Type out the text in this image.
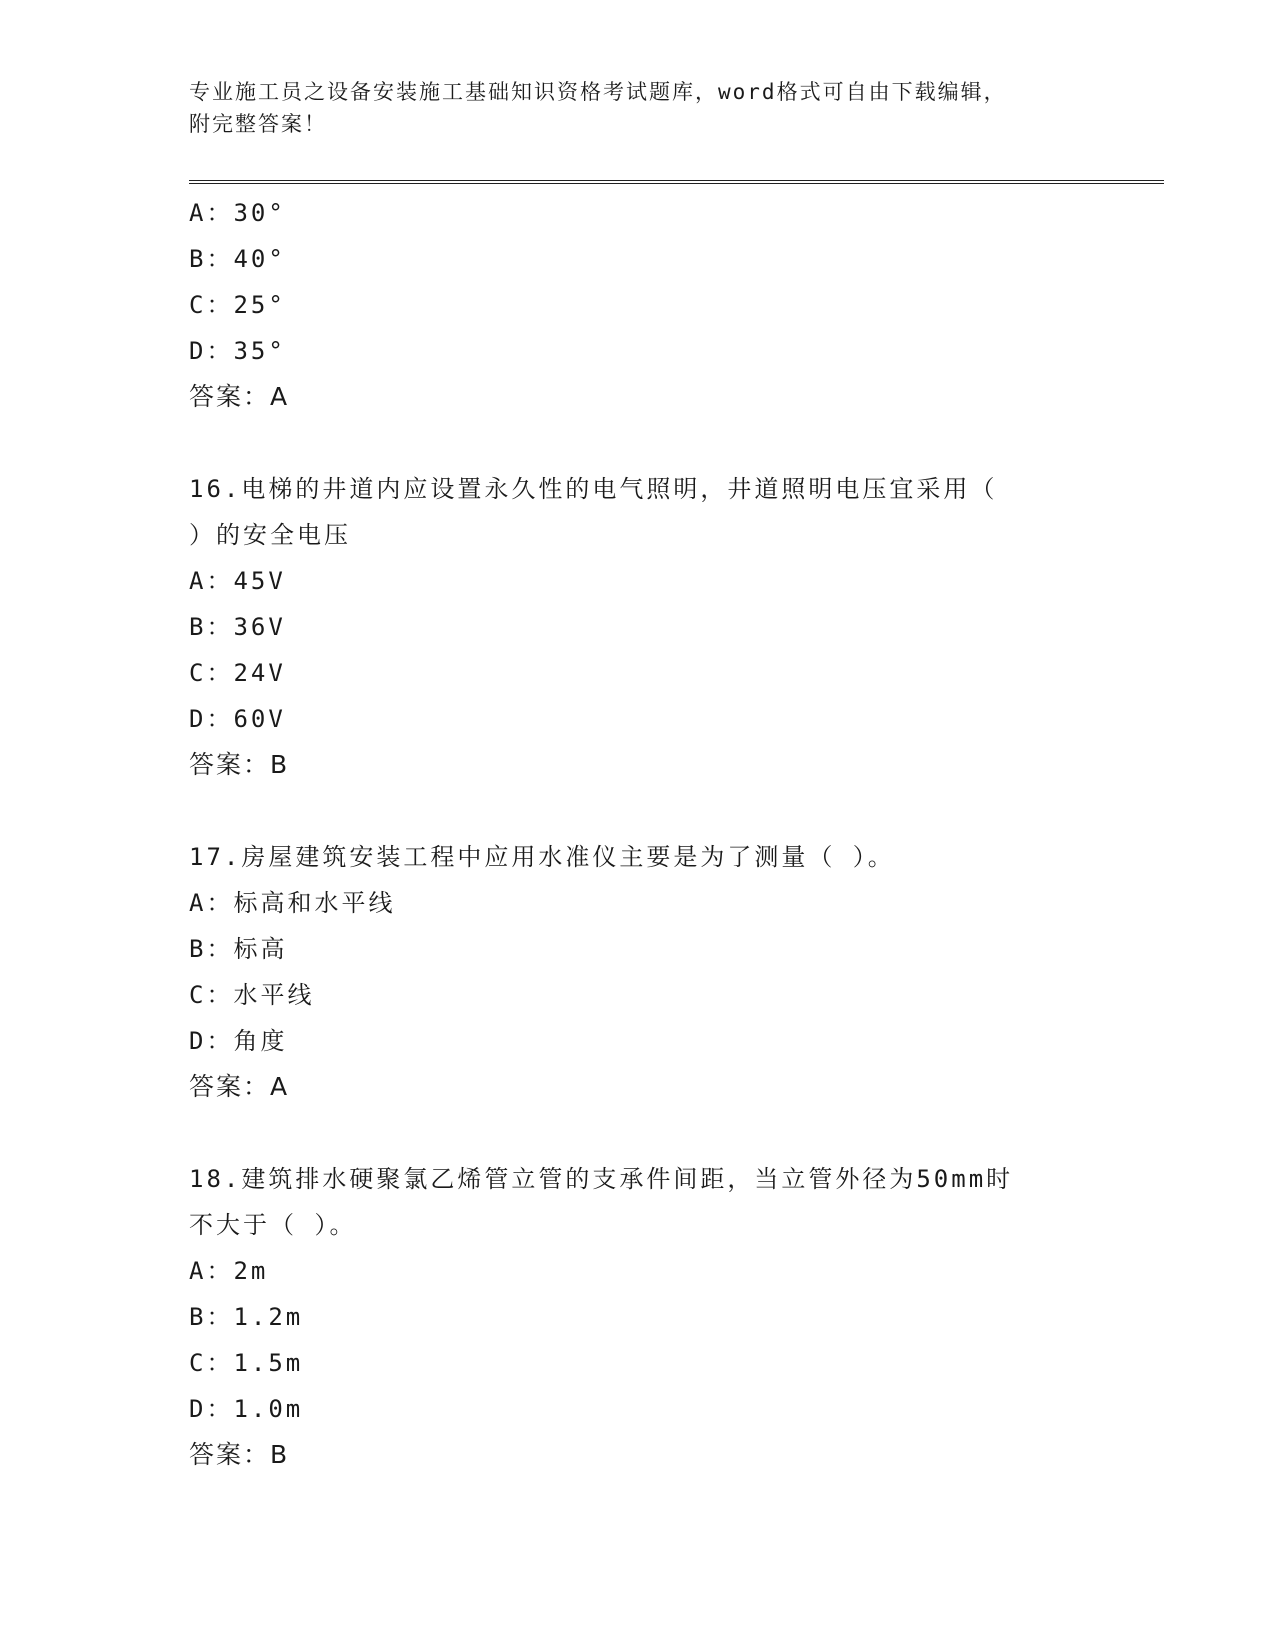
专业施工员之设备安装施工基础知识资格考试题库，word格式可自由下载编辑，
附完整答案！
A：30°
B：40°
C：25°
D：35°
答案：A
16.电梯的井道内应设置永久性的电气照明，井道照明电压宜采用（
）的安全电压
A：45V
B：36V
C：24V
D：60V
答案：B
17.房屋建筑安装工程中应用水准仪主要是为了测量（ ）。
A：标高和水平线
B：标高
C：水平线
D：角度
答案：A
18.建筑排水硬聚氯乙烯管立管的支承件间距，当立管外径为50mm时
不大于（ ）。
A：2m
B：1.2m
C：1.5m
D：1.0m
答案：B
